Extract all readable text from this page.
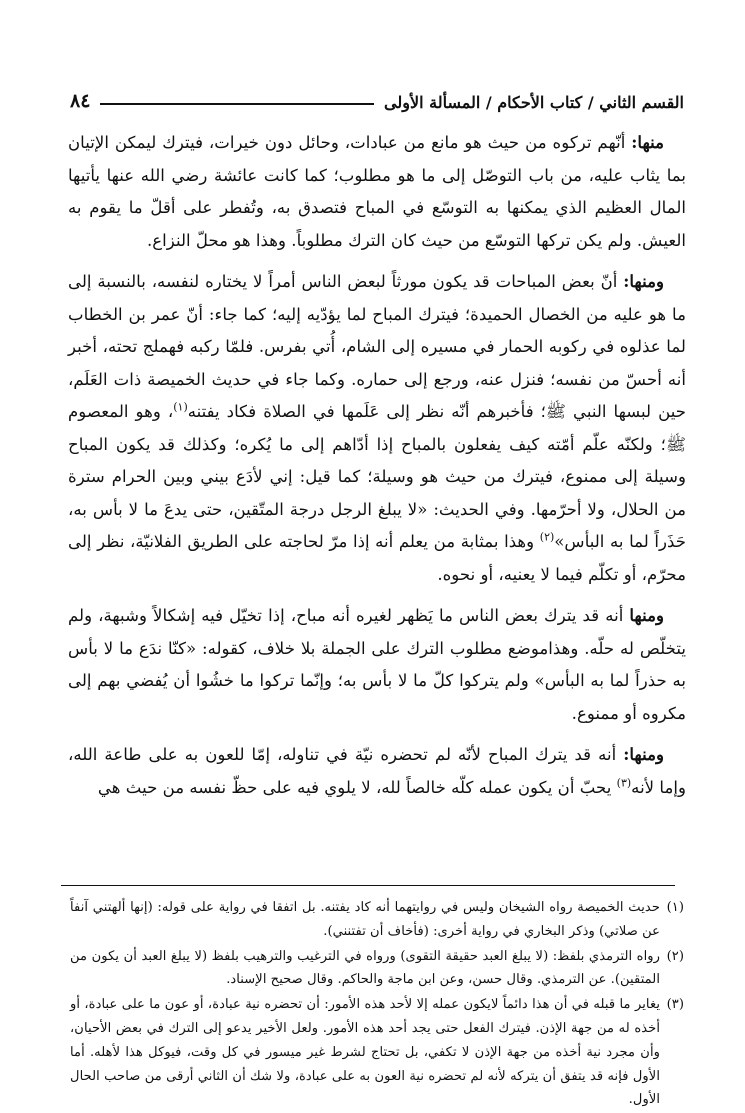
القسم الثاني / كتاب الأحكام / المسألة الأولى
٨٤

منها: أنّهم تركوه من حيث هو مانع من عبادات، وحائل دون خيرات، فيترك ليمكن الإتيان بما يثاب عليه، من باب التوصّل إلى ما هو مطلوب؛ كما كانت عائشة رضي الله عنها يأتيها المال العظيم الذي يمكنها به التوسّع في المباح فتصدق به، وتُفطر على أقلّ ما يقوم به العيش. ولم يكن تركها التوسّع من حيث كان الترك مطلوباً. وهذا هو محلّ النزاع.

ومنها: أنّ بعض المباحات قد يكون مورثاً لبعض الناس أمراً لا يختاره لنفسه، بالنسبة إلى ما هو عليه من الخصال الحميدة؛ فيترك المباح لما يؤدّيه إليه؛ كما جاء: أنّ عمر بن الخطاب لما عذلوه في ركوبه الحمار في مسيره إلى الشام، أُتي بفرس. فلمّا ركبه فهملج تحته، أخبر أنه أحسّ من نفسه؛ فنزل عنه، ورجع إلى حماره. وكما جاء في حديث الخميصة ذات العَلَم، حين لبسها النبي ﷺ؛ فأخبرهم أنّه نظر إلى عَلَمها في الصلاة فكاد يفتنه$^{(١)}$، وهو المعصوم ﷺ؛ ولكنّه علّم أمّته كيف يفعلون بالمباح إذا أدّاهم إلى ما يُكره؛ وكذلك قد يكون المباح وسيلة إلى ممنوع، فيترك من حيث هو وسيلة؛ كما قيل: إني لأدَع بيني وبين الحرام سترة من الحلال، ولا أحرّمها. وفي الحديث: «لا يبلغ الرجل درجة المتّقين، حتى يدعَ ما لا بأس به، حَذَراً لما به البأس»$^{(٢)}$ وهذا بمثابة من يعلم أنه إذا مرّ لحاجته على الطريق الفلانيّة، نظر إلى محرّم، أو تكلّم فيما لا يعنيه، أو نحوه.

ومنها أنه قد يترك بعض الناس ما يَظهر لغيره أنه مباح، إذا تخيّل فيه إشكالاً وشبهة، ولم يتخلّص له حلّه. وهذاموضع مطلوب الترك على الجملة بلا خلاف، كقوله: «كنّا ندَع ما لا بأس به حذراً لما به البأس» ولم يتركوا كلّ ما لا بأس به؛ وإنّما تركوا ما خشُوا أن يُفضي بهم إلى مكروه أو ممنوع.

ومنها: أنه قد يترك المباح لأنّه لم تحضره نيّة في تناوله، إمّا للعون به على طاعة الله، وإما لأنه$^{(٣)}$ يحبّ أن يكون عمله كلّه خالصاً لله، لا يلوي فيه على حظّ نفسه من حيث هي

(١)حديث الخميصة رواه الشيخان وليس في روايتهما أنه كاد يفتنه. بل اتفقا في رواية على قوله: (إنها ألهتني آنفاً عن صلاتي) وذكر البخاري في رواية أخرى: (فأخاف أن تفتنني).

(٢)رواه الترمذي بلفظ: (لا يبلغ العبد حقيقة التقوى) ورواه في الترغيب والترهيب بلفظ (لا يبلغ العبد أن يكون من المتقين). عن الترمذي. وقال حسن، وعن ابن ماجة والحاكم. وقال صحيح الإسناد.

(٣)يغاير ما قبله في أن هذا دائماً لايكون عمله إلا لأحد هذه الأمور: أن تحضره نية عبادة، أو عون ما على عبادة، أو أخذه له من جهة الإذن. فيترك الفعل حتى يجد أحد هذه الأمور. ولعل الأخير يدعو إلى الترك في بعض الأحيان، وأن مجرد نية أخذه من جهة الإذن لا تكفي، بل تحتاج لشرط غير ميسور في كل وقت، فيوكل هذا لأهله. أما الأول فإنه قد يتفق أن يتركه لأنه لم تحضره نية العون به على عبادة، ولا شك أن الثاني أرقى من صاحب الحال الأول.
